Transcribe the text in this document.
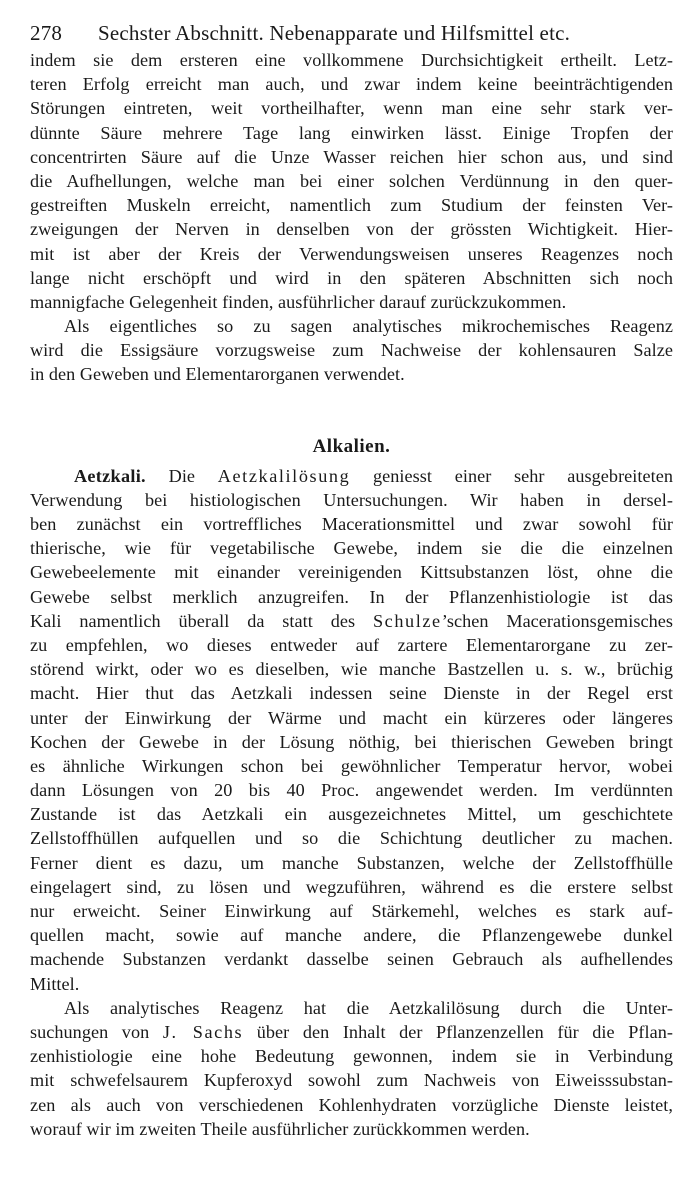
278	Sechster Abschnitt. Nebenapparate und Hilfsmittel etc.
indem sie dem ersteren eine vollkommene Durchsichtigkeit ertheilt. Letz-
teren Erfolg erreicht man auch, und zwar indem keine beeinträchtigenden
Störungen eintreten, weit vortheilhafter, wenn man eine sehr stark ver-
dünnte Säure mehrere Tage lang einwirken lässt. Einige Tropfen der
concentrirten Säure auf die Unze Wasser reichen hier schon aus, und sind
die Aufhellungen, welche man bei einer solchen Verdünnung in den quer-
gestreiften Muskeln erreicht, namentlich zum Studium der feinsten Ver-
zweigungen der Nerven in denselben von der grössten Wichtigkeit. Hier-
mit ist aber der Kreis der Verwendungsweisen unseres Reagenzes noch
lange nicht erschöpft und wird in den späteren Abschnitten sich noch
mannigfache Gelegenheit finden, ausführlicher darauf zurückzukommen.
Als eigentliches so zu sagen analytisches mikrochemisches Reagenz
wird die Essigsäure vorzugsweise zum Nachweise der kohlensauren Salze
in den Geweben und Elementarorganen verwendet.
Alkalien.
Aetzkali. Die Aetzkalilösung geniesst einer sehr ausgebreiteten
Verwendung bei histiologischen Untersuchungen. Wir haben in dersel-
ben zunächst ein vortreffliches Macerationsmittel und zwar sowohl für
thierische, wie für vegetabilische Gewebe, indem sie die die einzelnen
Gewebeelemente mit einander vereinigenden Kittsubstanzen löst, ohne die
Gewebe selbst merklich anzugreifen. In der Pflanzenhistiologie ist das
Kali namentlich überall da statt des Schulze’schen Macerationsgemisches
zu empfehlen, wo dieses entweder auf zartere Elementarorgane zu zer-
störend wirkt, oder wo es dieselben, wie manche Bastzellen u. s. w., brüchig
macht. Hier thut das Aetzkali indessen seine Dienste in der Regel erst
unter der Einwirkung der Wärme und macht ein kürzeres oder längeres
Kochen der Gewebe in der Lösung nöthig, bei thierischen Geweben bringt
es ähnliche Wirkungen schon bei gewöhnlicher Temperatur hervor, wobei
dann Lösungen von 20 bis 40 Proc. angewendet werden. Im verdünnten
Zustande ist das Aetzkali ein ausgezeichnetes Mittel, um geschichtete
Zellstoffhüllen aufquellen und so die Schichtung deutlicher zu machen.
Ferner dient es dazu, um manche Substanzen, welche der Zellstoffhülle
eingelagert sind, zu lösen und wegzuführen, während es die erstere selbst
nur erweicht. Seiner Einwirkung auf Stärkemehl, welches es stark auf-
quellen macht, sowie auf manche andere, die Pflanzengewebe dunkel
machende Substanzen verdankt dasselbe seinen Gebrauch als aufhellendes
Mittel.
Als analytisches Reagenz hat die Aetzkalilösung durch die Unter-
suchungen von J. Sachs über den Inhalt der Pflanzenzellen für die Pflan-
zenhistiologie eine hohe Bedeutung gewonnen, indem sie in Verbindung
mit schwefelsaurem Kupferoxyd sowohl zum Nachweis von Eiweisssubstan-
zen als auch von verschiedenen Kohlenhydraten vorzügliche Dienste leistet,
worauf wir im zweiten Theile ausführlicher zurückkommen werden.
